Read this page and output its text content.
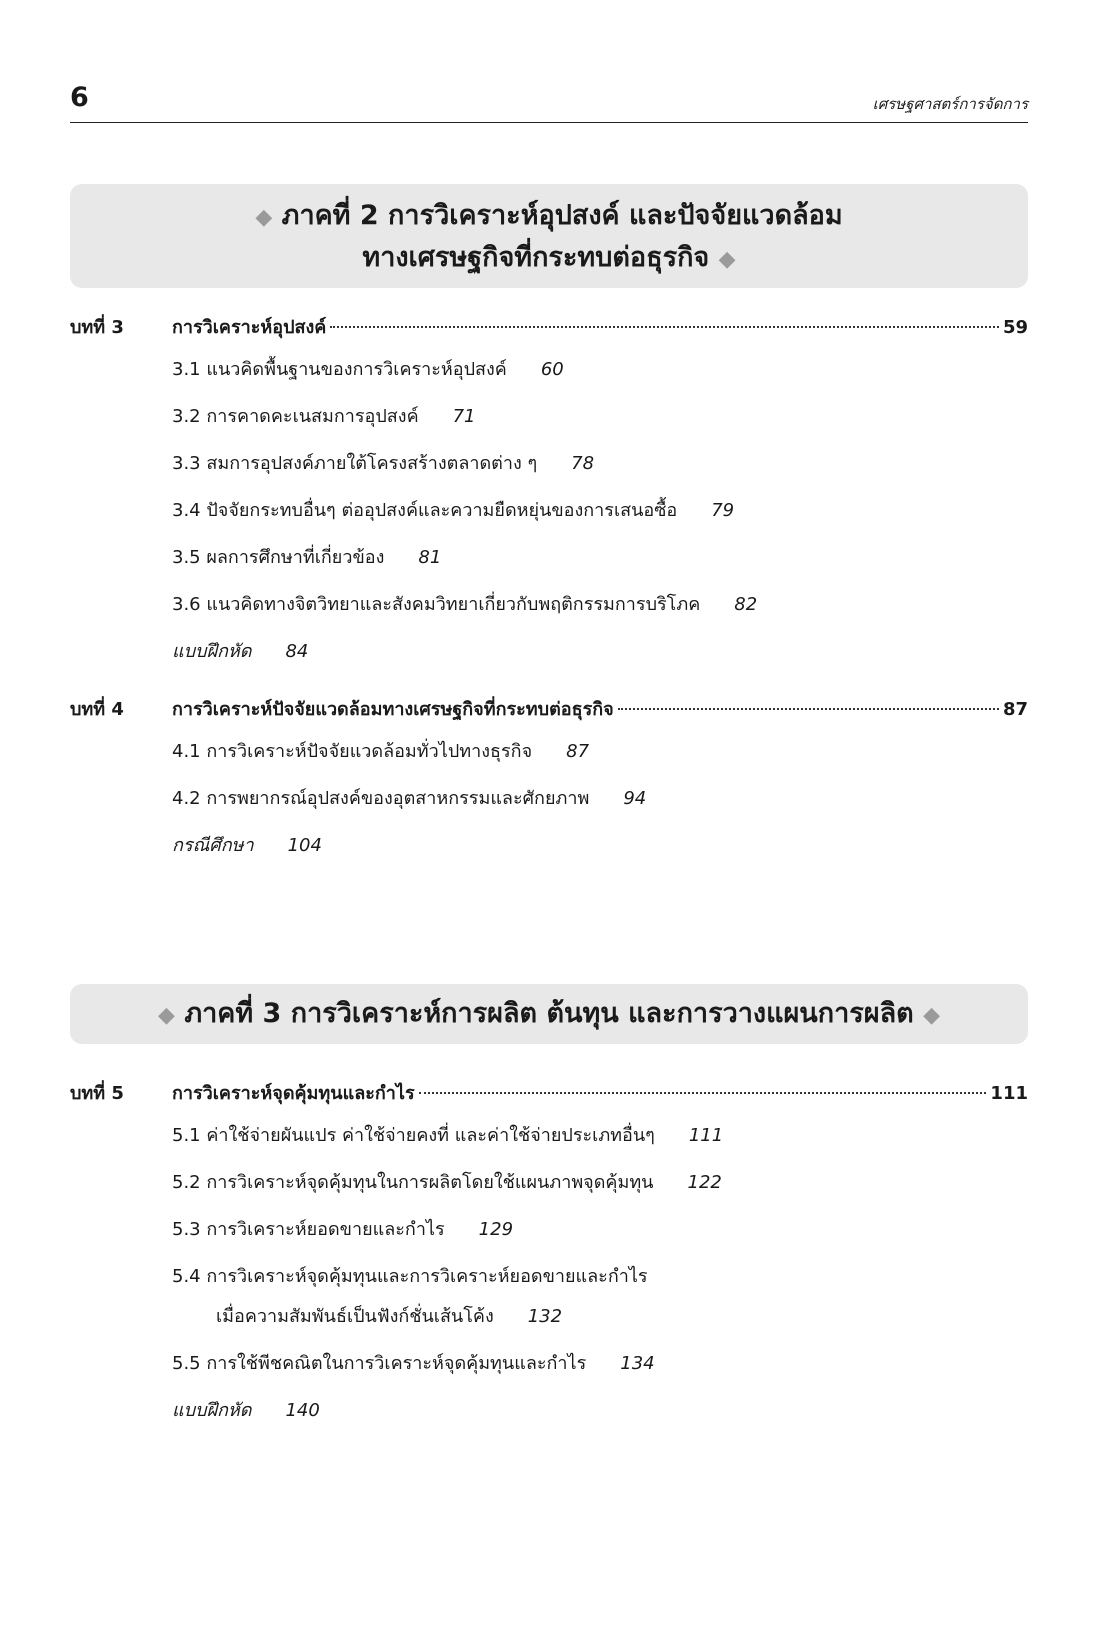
6	เศรษฐศาสตร์การจัดการ
◆ ภาคที่ 2 การวิเคราะห์อุปสงค์ และปัจจัยแวดล้อม
ทางเศรษฐกิจที่กระทบต่อธุรกิจ ◆
บทที่ 3	การวิเคราะห์อุปสงค์	59
3.1 แนวคิดพื้นฐานของการวิเคราะห์อุปสงค์ 60
3.2 การคาดคะเนสมการอุปสงค์ 71
3.3 สมการอุปสงค์ภายใต้โครงสร้างตลาดต่าง ๆ 78
3.4 ปัจจัยกระทบอื่นๆ ต่ออุปสงค์และความยืดหยุ่นของการเสนอซื้อ 79
3.5 ผลการศึกษาที่เกี่ยวข้อง 81
3.6 แนวคิดทางจิตวิทยาและสังคมวิทยาเกี่ยวกับพฤติกรรมการบริโภค 82
แบบฝึกหัด 84
บทที่ 4	การวิเคราะห์ปัจจัยแวดล้อมทางเศรษฐกิจที่กระทบต่อธุรกิจ	87
4.1 การวิเคราะห์ปัจจัยแวดล้อมทั่วไปทางธุรกิจ 87
4.2 การพยากรณ์อุปสงค์ของอุตสาหกรรมและศักยภาพ 94
กรณีศึกษา 104
◆ ภาคที่ 3 การวิเคราะห์การผลิต ต้นทุน และการวางแผนการผลิต ◆
บทที่ 5	การวิเคราะห์จุดคุ้มทุนและกำไร	111
5.1 ค่าใช้จ่ายผันแปร ค่าใช้จ่ายคงที่ และค่าใช้จ่ายประเภทอื่นๆ 111
5.2 การวิเคราะห์จุดคุ้มทุนในการผลิตโดยใช้แผนภาพจุดคุ้มทุน 122
5.3 การวิเคราะห์ยอดขายและกำไร 129
5.4 การวิเคราะห์จุดคุ้มทุนและการวิเคราะห์ยอดขายและกำไร
เมื่อความสัมพันธ์เป็นฟังก์ชั่นเส้นโค้ง 132
5.5 การใช้พีชคณิตในการวิเคราะห์จุดคุ้มทุนและกำไร 134
แบบฝึกหัด 140
